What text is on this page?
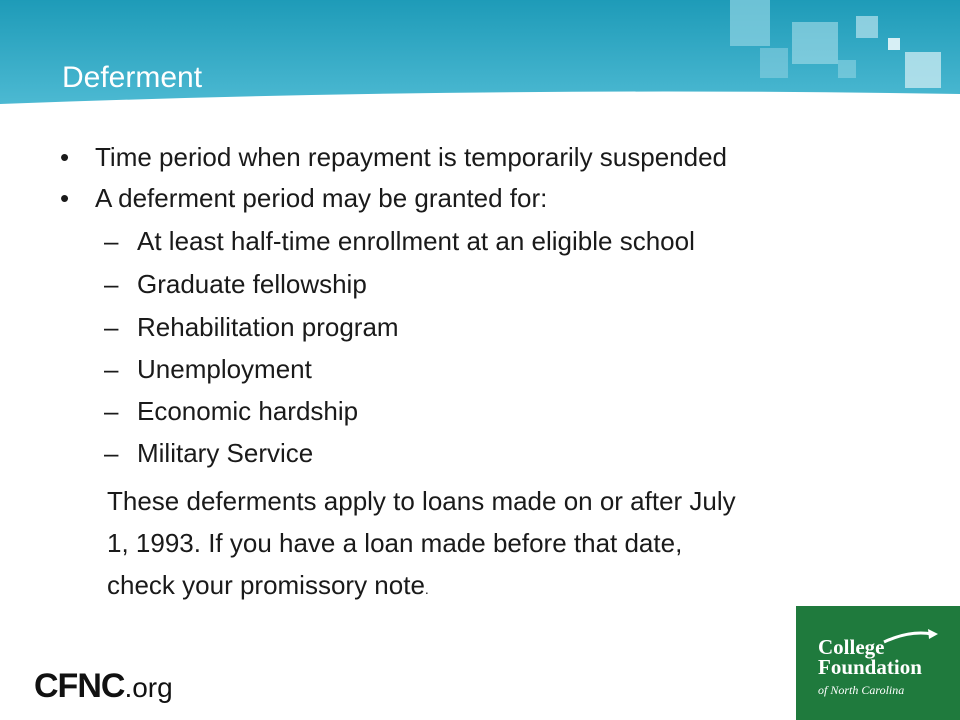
Deferment
• Time period when repayment is temporarily suspended
• A deferment period may be granted for:
– At least half-time enrollment at an eligible school
– Graduate fellowship
– Rehabilitation program
– Unemployment
– Economic hardship
– Military Service
These deferments apply to loans made on or after July
1, 1993. If you have a loan made before that date,
check your promissory note.
CFNC.org
College
Foundation
of North Carolina
